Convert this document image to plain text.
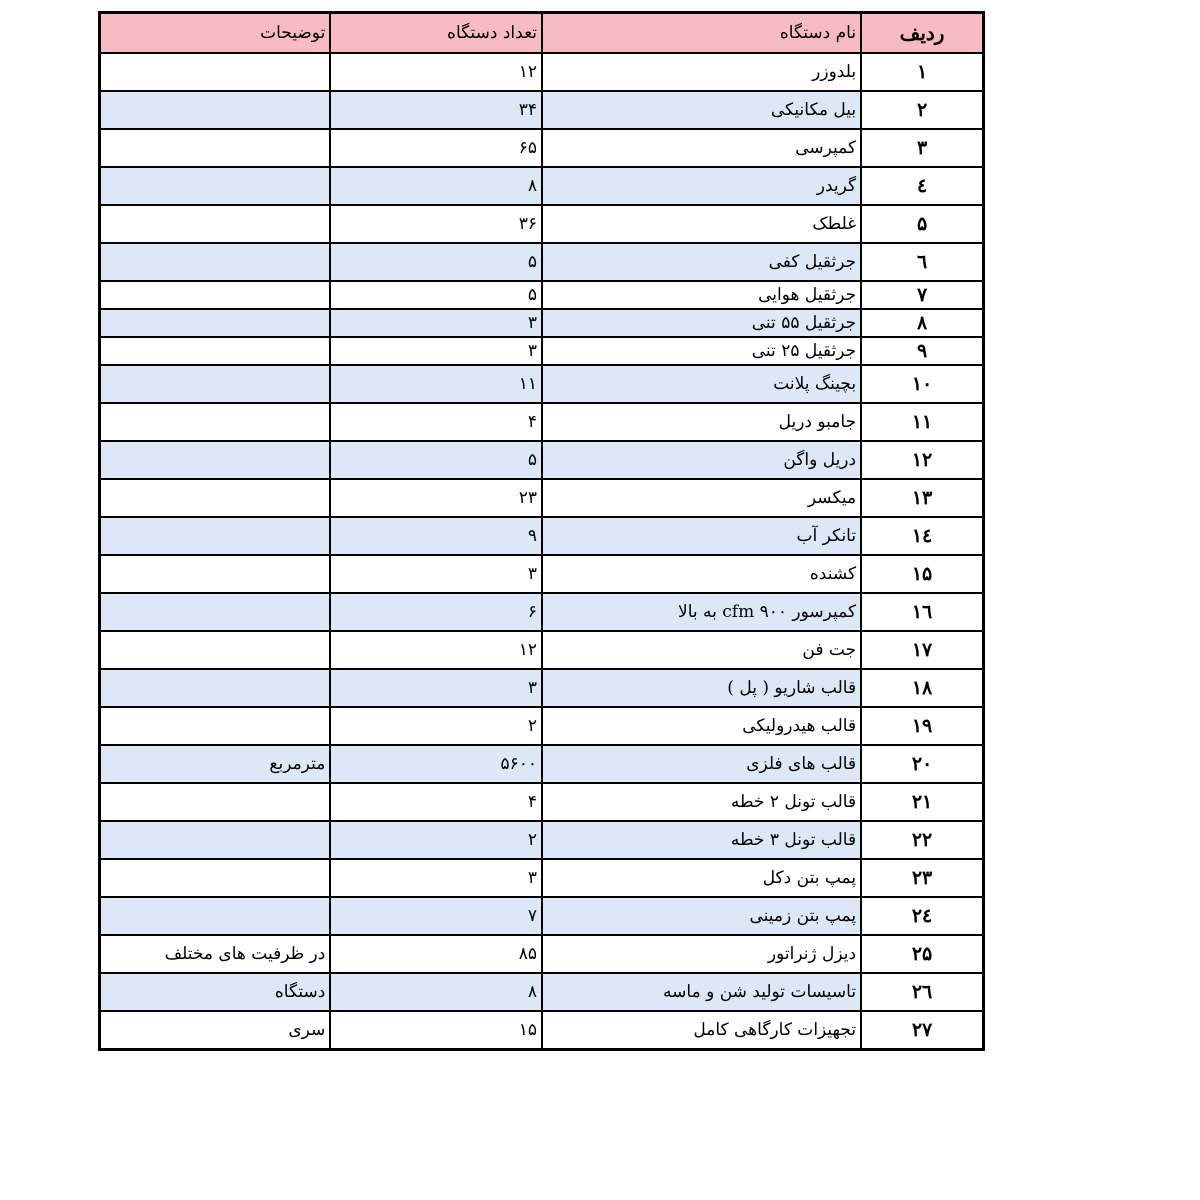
ردیف	نام دستگاه	تعداد دستگاه	توضیحات
۱	بلدوزر	۱۲	
۲	بیل مکانیکی	۳۴	
۳	کمپرسی	۶۵	
٤	گریدر	۸	
۵	غلطک	۳۶	
٦	جرثقیل کفی	۵	
۷	جرثقیل هوایی	۵	
۸	جرثقیل ۵۵ تنی	۳	
۹	جرثقیل ۲۵ تنی	۳	
۱۰	بچینگ پلانت	۱۱	
۱۱	جامبو دریل	۴	
۱۲	دریل واگن	۵	
۱۳	میکسر	۲۳	
۱٤	تانکر آب	۹	
۱۵	کشنده	۳	
۱٦	کمپرسور ۹۰۰ cfm به بالا	۶	
۱۷	جت فن	۱۲	
۱۸	قالب شاریو ( پل )	۳	
۱۹	قالب هیدرولیکی	۲	
۲۰	قالب های فلزی	۵۶۰۰	مترمربع
۲۱	قالب تونل ۲ خطه	۴	
۲۲	قالب تونل ۳ خطه	۲	
۲۳	پمپ بتن دکل	۳	
۲٤	پمپ بتن زمینی	۷	
۲۵	دیزل ژنراتور	۸۵	در ظرفیت های مختلف
۲٦	تاسیسات تولید شن و ماسه	۸	دستگاه
۲۷	تجهیزات کارگاهی کامل	۱۵	سری
